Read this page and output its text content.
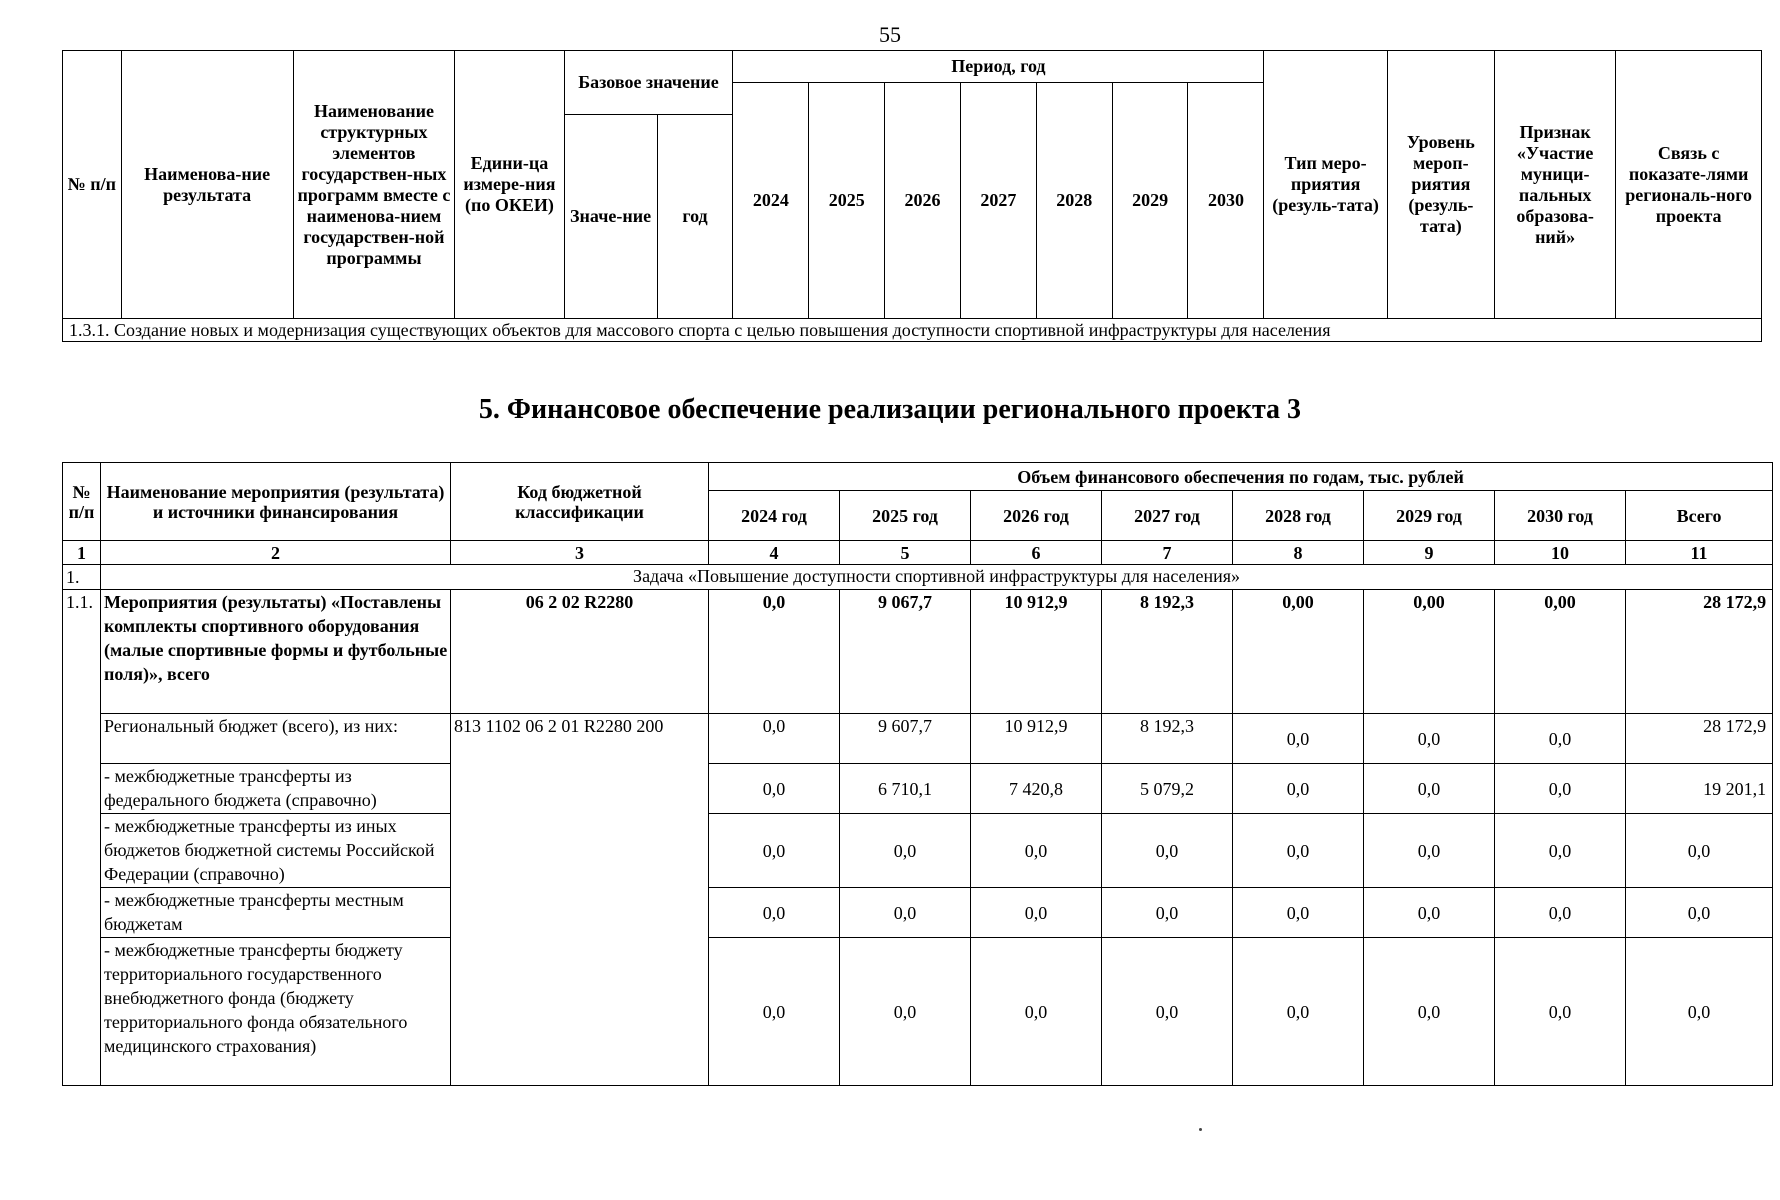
55
№ п/п	Наименова-ние результата	Наименование структурных элементов государствен-ных программ вместе с наименова-нием государствен-ной программы	Едини-ца измере-ния (по ОКЕИ)	Базовое значение		Период, год							Тип меро-приятия (резуль-тата)	Уровень мероп-риятия (резуль-тата)	Признак «Участие муници-пальных образова-ний»	Связь с показате-лями региональ-ного проекта
						2024	2025	2026	2027	2028	2029	2030				
				Значе-ние	год											
1.3.1. Создание новых и модернизация существующих объектов для массового спорта с целью повышения доступности спортивной инфраструктуры для населения																
5. Финансовое обеспечение реализации регионального проекта 3
№ п/п	Наименование мероприятия (результата) и источники финансирования	Код бюджетной классификации	Объем финансового обеспечения по годам, тыс. рублей							
			2024 год	2025 год	2026 год	2027 год	2028 год	2029 год	2030 год	Всего
1	2	3	4	5	6	7	8	9	10	11
1.	Задача «Повышение доступности спортивной инфраструктуры для населения»									
1.1.	Мероприятия (результаты) «Поставлены комплекты спортивного оборудования (малые спортивные формы и футбольные поля)», всего	06 2 02 R2280	0,0	9 067,7	10 912,9	8 192,3	0,00	0,00	0,00	28 172,9
	Региональный бюджет (всего), из них:	813 1102 06 2 01 R2280 200	0,0	9 607,7	10 912,9	8 192,3	0,0	0,0	0,0	28 172,9
	- межбюджетные трансферты из федерального бюджета (справочно)		0,0	6 710,1	7 420,8	5 079,2	0,0	0,0	0,0	19 201,1
	- межбюджетные трансферты из иных бюджетов бюджетной системы Российской Федерации (справочно)		0,0	0,0	0,0	0,0	0,0	0,0	0,0	0,0
	- межбюджетные трансферты местным бюджетам		0,0	0,0	0,0	0,0	0,0	0,0	0,0	0,0
	- межбюджетные трансферты бюджету территориального государственного внебюджетного фонда (бюджету территориального фонда обязательного медицинского страхования)		0,0	0,0	0,0	0,0	0,0	0,0	0,0	0,0
